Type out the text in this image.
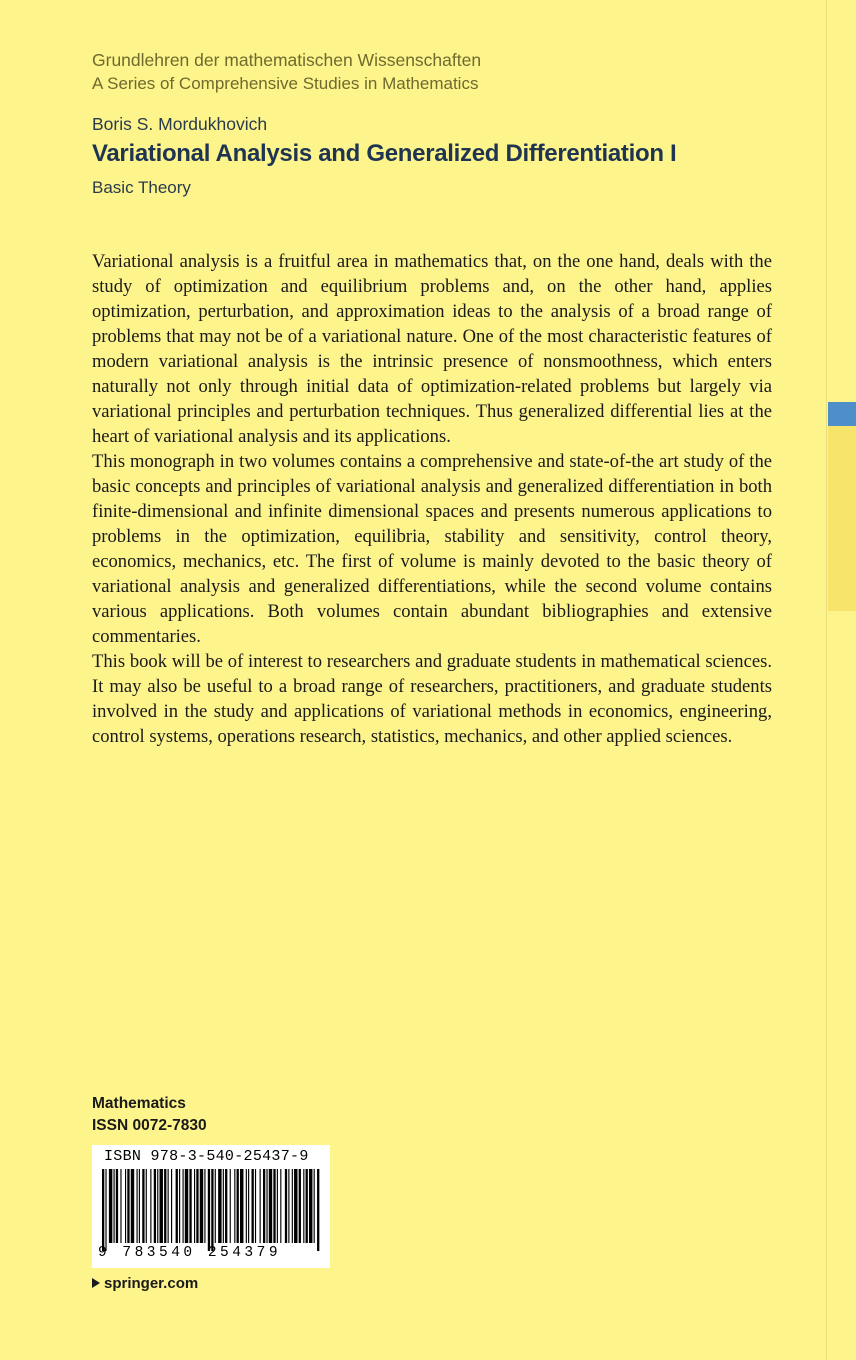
Grundlehren der mathematischen Wissenschaften
A Series of Comprehensive Studies in Mathematics
Boris S. Mordukhovich
Variational Analysis and Generalized Differentiation I
Basic Theory

Variational analysis is a fruitful area in mathematics that, on the one hand, deals with the study of optimization and equilibrium problems and, on the other hand, applies optimization, perturbation, and approximation ideas to the analysis of a broad range of problems that may not be of a variational nature. One of the most characteristic features of modern variational analysis is the intrinsic presence of nonsmoothness, which enters naturally not only through initial data of optimization-related problems but largely via variational principles and perturbation techniques. Thus generalized differential lies at the heart of variational analysis and its applications.

This monograph in two volumes contains a comprehensive and state-of-the art study of the basic concepts and principles of variational analysis and generalized differentiation in both finite-dimensional and infinite dimensional spaces and presents numerous applications to problems in the optimization, equilibria, stability and sensitivity, control theory, economics, mechanics, etc. The first of volume is mainly devoted to the basic theory of variational analysis and generalized differentiations, while the second volume contains various applications. Both volumes contain abundant bibliographies and extensive commentaries.

This book will be of interest to researchers and graduate students in mathematical sciences. It may also be useful to a broad range of researchers, practitioners, and graduate students involved in the study and applications of variational methods in economics, engineering, control systems, operations research, statistics, mechanics, and other applied sciences.

Mathematics
ISSN 0072-7830
ISBN 978-3-540-25437-9
9 783540 254379
springer.com
